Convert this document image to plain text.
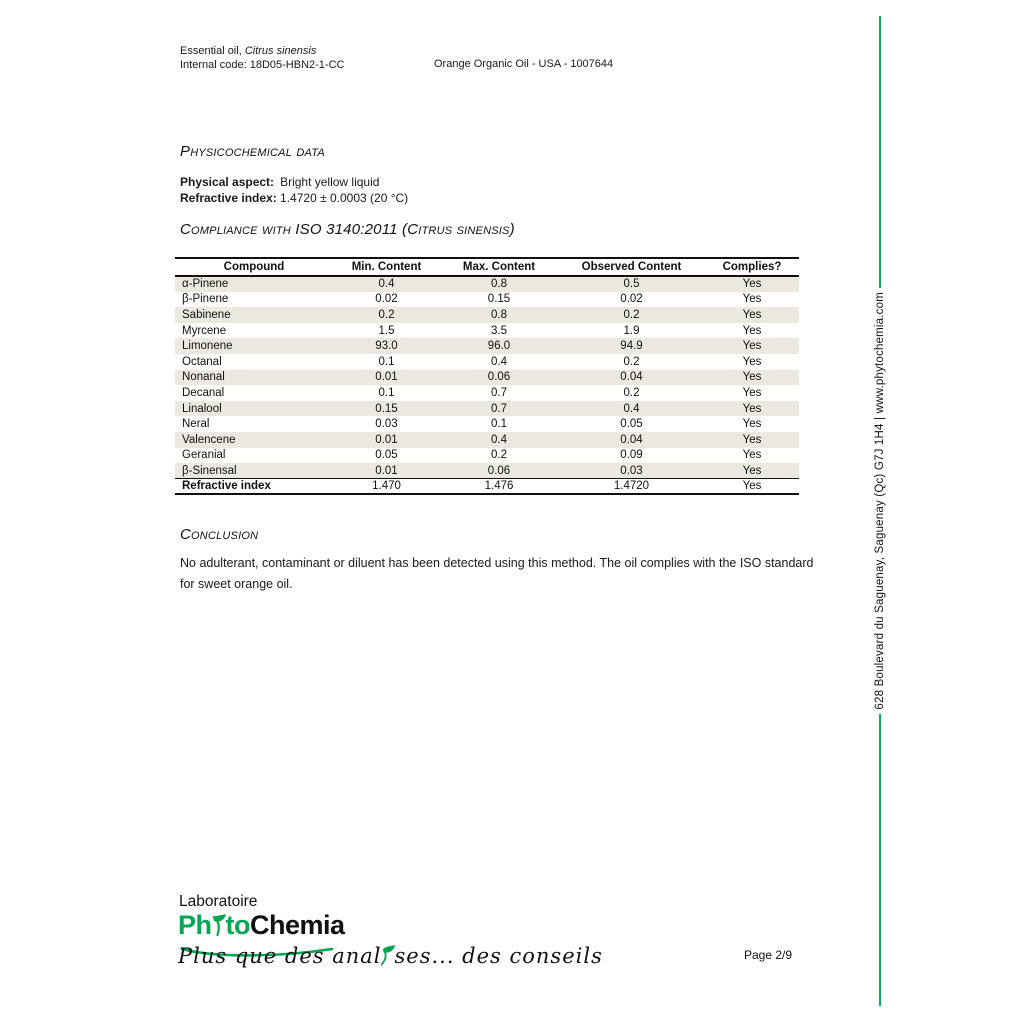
Essential oil, Citrus sinensis
Internal code: 18D05-HBN2-1-CC	Orange Organic Oil - USA - 1007644
Physicochemical data
Physical aspect: Bright yellow liquid
Refractive index: 1.4720 ± 0.0003 (20 °C)
Compliance with ISO 3140:2011 (Citrus sinensis)
Compound	Min. Content	Max. Content	Observed Content	Complies?
α-Pinene	0.4	0.8	0.5	Yes
β-Pinene	0.02	0.15	0.02	Yes
Sabinene	0.2	0.8	0.2	Yes
Myrcene	1.5	3.5	1.9	Yes
Limonene	93.0	96.0	94.9	Yes
Octanal	0.1	0.4	0.2	Yes
Nonanal	0.01	0.06	0.04	Yes
Decanal	0.1	0.7	0.2	Yes
Linalool	0.15	0.7	0.4	Yes
Neral	0.03	0.1	0.05	Yes
Valencene	0.01	0.4	0.04	Yes
Geranial	0.05	0.2	0.09	Yes
β-Sinensal	0.01	0.06	0.03	Yes
Refractive index	1.470	1.476	1.4720	Yes
Conclusion
No adulterant, contaminant or diluent has been detected using this method. The oil complies with the ISO standard for sweet orange oil.
Laboratoire
Ph toChemia
Plus que des anal ses... des conseils	Page 2/9
628 Boulevard du Saguenay, Saguenay (Qc) G7J 1H4 | www.phytochemia.com
